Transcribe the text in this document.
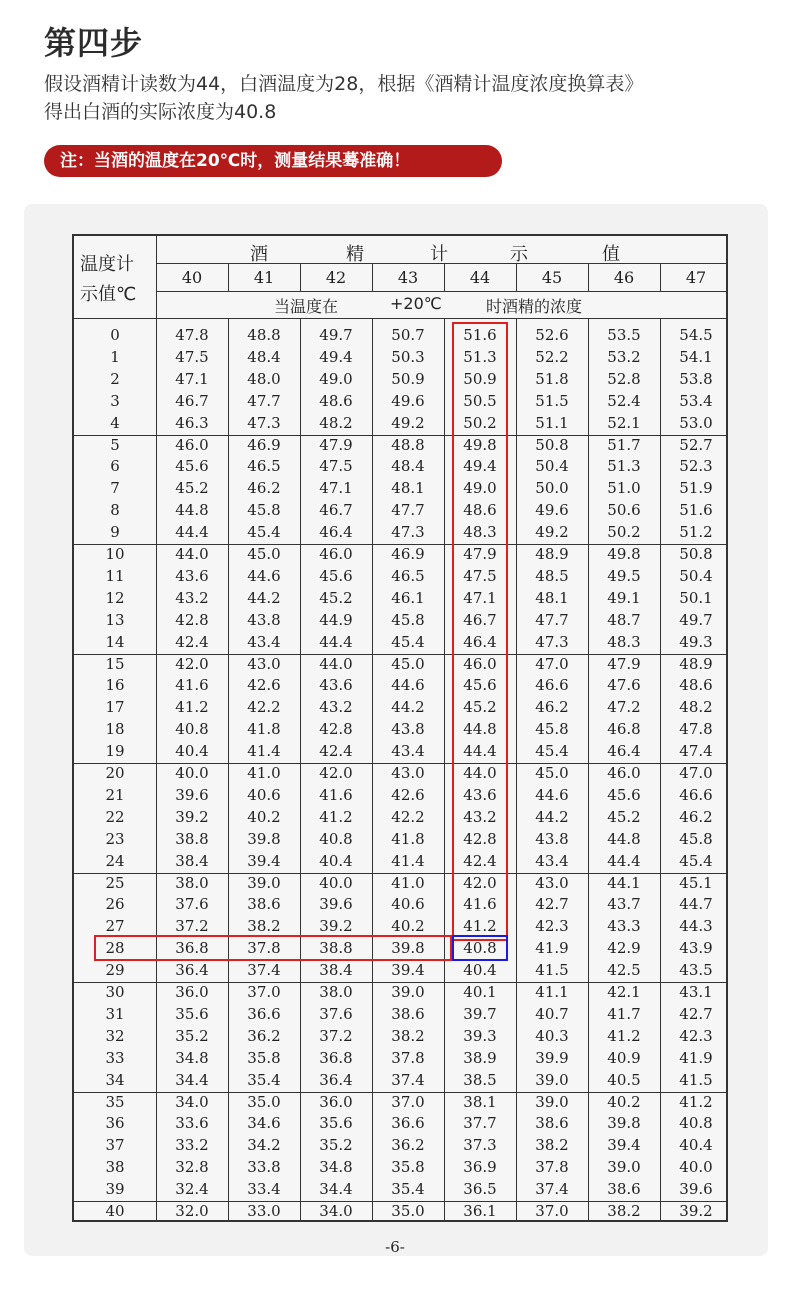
第四步
假设酒精计读数为44，白酒温度为28，根据《酒精计温度浓度换算表》
得出白酒的实际浓度为40.8
注：当酒的温度在20℃时，测量结果蓦准确！
温度计
示值℃
酒	精	计	示	值
40	41	42	43	44	45	46	47
当温度在	+20℃	时酒精的浓度
0	47.8	48.8	49.7	50.7	51.6	52.6	53.5	54.5
1	47.5	48.4	49.4	50.3	51.3	52.2	53.2	54.1
2	47.1	48.0	49.0	50.9	50.9	51.8	52.8	53.8
3	46.7	47.7	48.6	49.6	50.5	51.5	52.4	53.4
4	46.3	47.3	48.2	49.2	50.2	51.1	52.1	53.0
5	46.0	46.9	47.9	48.8	49.8	50.8	51.7	52.7
6	45.6	46.5	47.5	48.4	49.4	50.4	51.3	52.3
7	45.2	46.2	47.1	48.1	49.0	50.0	51.0	51.9
8	44.8	45.8	46.7	47.7	48.6	49.6	50.6	51.6
9	44.4	45.4	46.4	47.3	48.3	49.2	50.2	51.2
10	44.0	45.0	46.0	46.9	47.9	48.9	49.8	50.8
11	43.6	44.6	45.6	46.5	47.5	48.5	49.5	50.4
12	43.2	44.2	45.2	46.1	47.1	48.1	49.1	50.1
13	42.8	43.8	44.9	45.8	46.7	47.7	48.7	49.7
14	42.4	43.4	44.4	45.4	46.4	47.3	48.3	49.3
15	42.0	43.0	44.0	45.0	46.0	47.0	47.9	48.9
16	41.6	42.6	43.6	44.6	45.6	46.6	47.6	48.6
17	41.2	42.2	43.2	44.2	45.2	46.2	47.2	48.2
18	40.8	41.8	42.8	43.8	44.8	45.8	46.8	47.8
19	40.4	41.4	42.4	43.4	44.4	45.4	46.4	47.4
20	40.0	41.0	42.0	43.0	44.0	45.0	46.0	47.0
21	39.6	40.6	41.6	42.6	43.6	44.6	45.6	46.6
22	39.2	40.2	41.2	42.2	43.2	44.2	45.2	46.2
23	38.8	39.8	40.8	41.8	42.8	43.8	44.8	45.8
24	38.4	39.4	40.4	41.4	42.4	43.4	44.4	45.4
25	38.0	39.0	40.0	41.0	42.0	43.0	44.1	45.1
26	37.6	38.6	39.6	40.6	41.6	42.7	43.7	44.7
27	37.2	38.2	39.2	40.2	41.2	42.3	43.3	44.3
28	36.8	37.8	38.8	39.8	40.8	41.9	42.9	43.9
29	36.4	37.4	38.4	39.4	40.4	41.5	42.5	43.5
30	36.0	37.0	38.0	39.0	40.1	41.1	42.1	43.1
31	35.6	36.6	37.6	38.6	39.7	40.7	41.7	42.7
32	35.2	36.2	37.2	38.2	39.3	40.3	41.2	42.3
33	34.8	35.8	36.8	37.8	38.9	39.9	40.9	41.9
34	34.4	35.4	36.4	37.4	38.5	39.0	40.5	41.5
35	34.0	35.0	36.0	37.0	38.1	39.0	40.2	41.2
36	33.6	34.6	35.6	36.6	37.7	38.6	39.8	40.8
37	33.2	34.2	35.2	36.2	37.3	38.2	39.4	40.4
38	32.8	33.8	34.8	35.8	36.9	37.8	39.0	40.0
39	32.4	33.4	34.4	35.4	36.5	37.4	38.6	39.6
40	32.0	33.0	34.0	35.0	36.1	37.0	38.2	39.2
-6-
